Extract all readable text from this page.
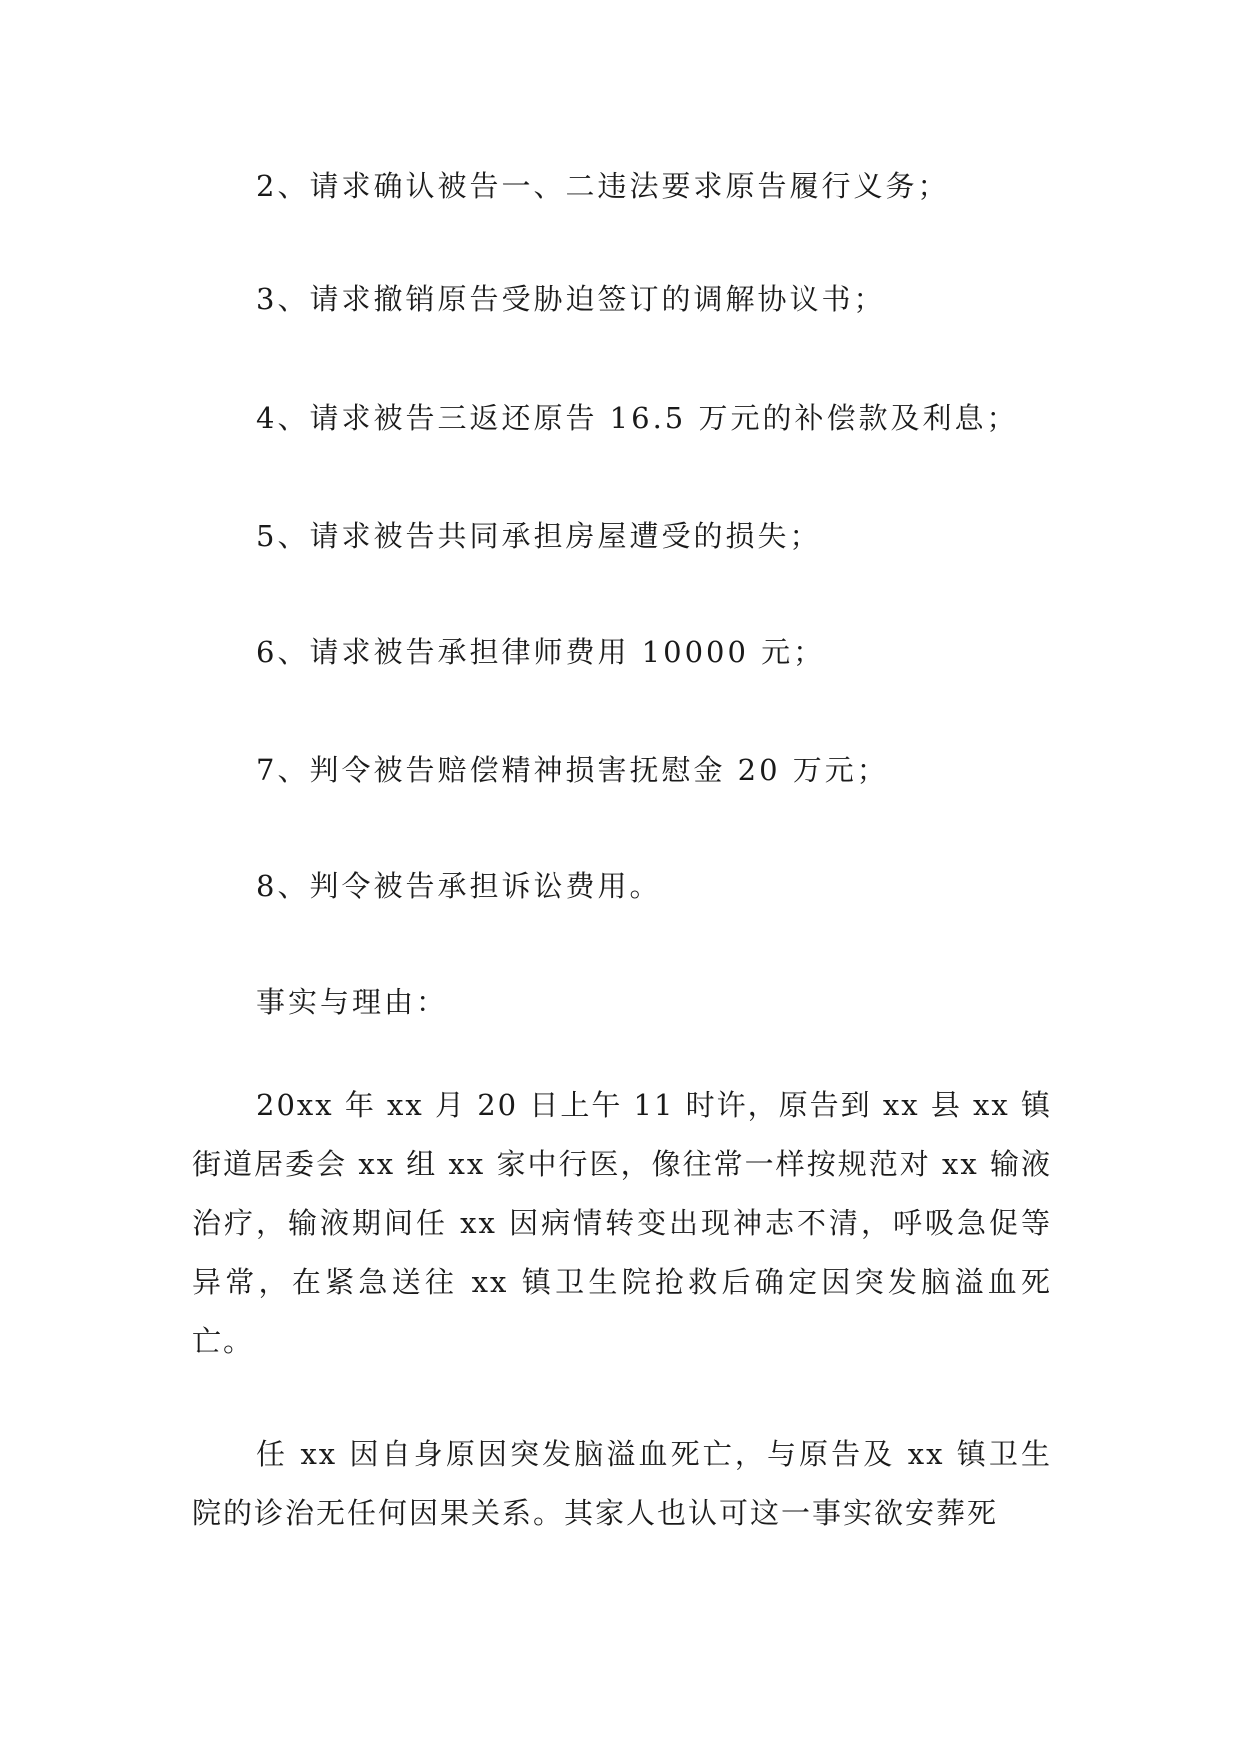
2、请求确认被告一、二违法要求原告履行义务；
3、请求撤销原告受胁迫签订的调解协议书；
4、请求被告三返还原告 16.5 万元的补偿款及利息；
5、请求被告共同承担房屋遭受的损失；
6、请求被告承担律师费用 10000 元；
7、判令被告赔偿精神损害抚慰金 20 万元；
8、判令被告承担诉讼费用。
事实与理由：

20xx 年 xx 月 20 日上午 11 时许，原告到 xx 县 xx 镇街道居委会 xx 组 xx 家中行医，像往常一样按规范对 xx 输液治疗，输液期间任 xx 因病情转变出现神志不清，呼吸急促等异常，在紧急送往 xx 镇卫生院抢救后确定因突发脑溢血死亡。

任 xx 因自身原因突发脑溢血死亡，与原告及 xx 镇卫生院的诊治无任何因果关系。其家人也认可这一事实欲安葬死
